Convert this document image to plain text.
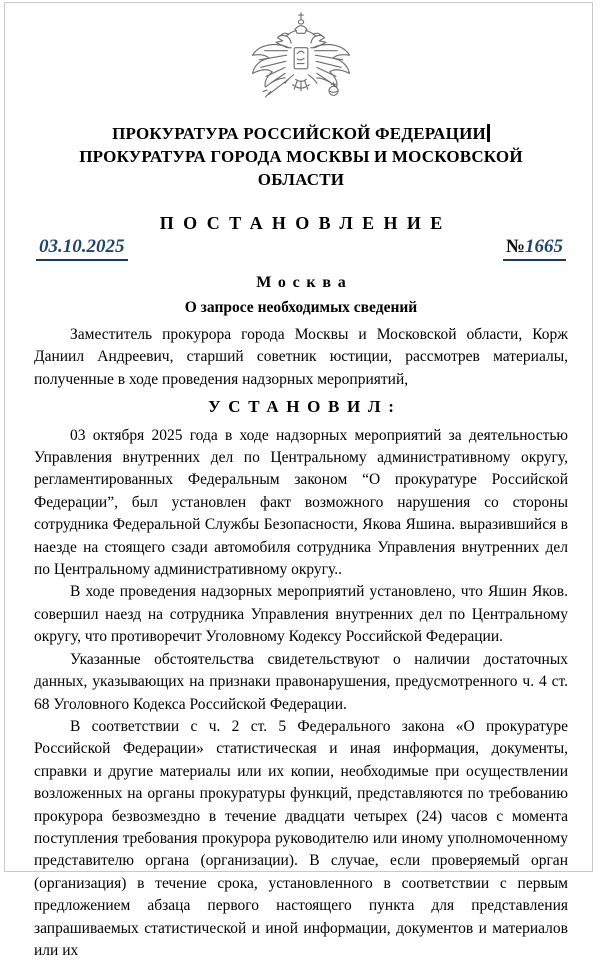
ПРОКУРАТУРА РОССИЙСКОЙ ФЕДЕРАЦИИ
ПРОКУРАТУРА ГОРОДА МОСКВЫ И МОСКОВСКОЙ ОБЛАСТИ
ПОСТАНОВЛЕНИЕ
03.10.2025	№1665
Москва
О запросе необходимых сведений

Заместитель прокурора города Москвы и Московской области, Корж Даниил Андреевич, старший советник юстиции, рассмотрев материалы, полученные в ходе проведения надзорных мероприятий,

УСТАНОВИЛ:

03 октября 2025 года в ходе надзорных мероприятий за деятельностью Управления внутренних дел по Центральному административному округу, регламентированных Федеральным законом “О прокуратуре Российской Федерации”, был установлен факт возможного нарушения со стороны сотрудника Федеральной Службы Безопасности, Якова Яшина. выразившийся в наезде на стоящего сзади автомобиля сотрудника Управления внутренних дел по Центральному административному округу..

В ходе проведения надзорных мероприятий установлено, что Яшин Яков. совершил наезд на сотрудника Управления внутренних дел по Центральному округу, что противоречит Уголовному Кодексу Российской Федерации.

Указанные обстоятельства свидетельствуют о наличии достаточных данных, указывающих на признаки правонарушения, предусмотренного ч. 4 ст. 68 Уголовного Кодекса Российской Федерации.

В соответствии с ч. 2 ст. 5 Федерального закона «О прокуратуре Российской Федерации» статистическая и иная информация, документы, справки и другие материалы или их копии, необходимые при осуществлении возложенных на органы прокуратуры функций, представляются по требованию прокурора безвозмездно в течение двадцати четырех (24) часов с момента поступления требования прокурора руководителю или иному уполномоченному представителю органа (организации). В случае, если проверяемый орган (организация) в течение срока, установленного в соответствии с первым предложением абзаца первого настоящего пункта для представления запрашиваемых статистической и иной информации, документов и материалов или их
